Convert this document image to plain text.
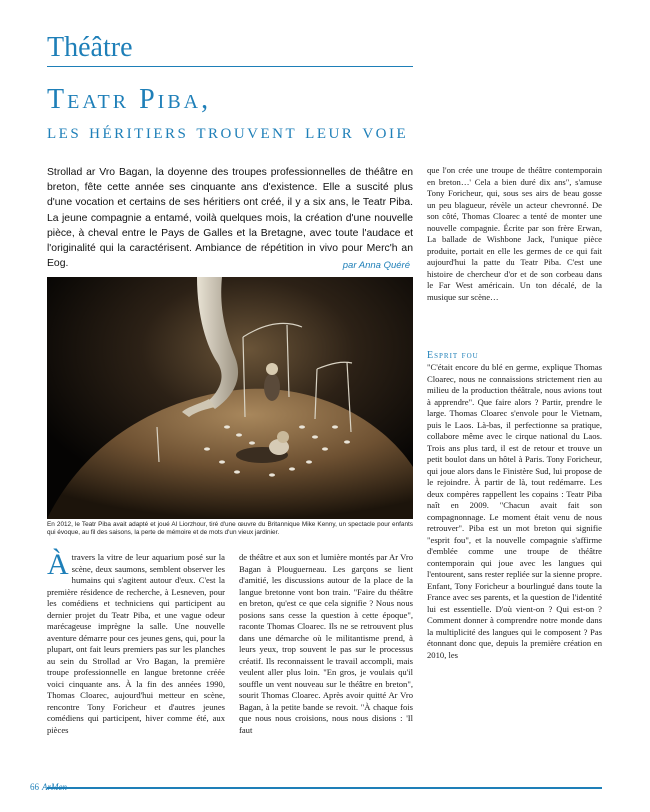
Théâtre
Teatr Piba,
les héritiers trouvent leur voie
Strollad ar Vro Bagan, la doyenne des troupes professionnelles de théâtre en breton, fête cette année ses cinquante ans d'existence. Elle a suscité plus d'une vocation et certains de ses héritiers ont créé, il y a six ans, le Teatr Piba. La jeune compagnie a entamé, voilà quelques mois, la création d'une nouvelle pièce, à cheval entre le Pays de Galles et la Bretagne, avec toute l'audace et l'originalité qui la caractérisent. Ambiance de répétition in vivo pour Merc'h an Eog.	par Anna Quéré
En 2012, le Teatr Piba avait adapté et joué Al Liorzhour, tiré d'une œuvre du Britannique Mike Kenny, un spectacle pour enfants qui évoque, au fil des saisons, la perte de mémoire et de mots d'un vieux jardinier.

Àtravers la vitre de leur aquarium posé sur la scène, deux saumons, semblent observer les humains qui s'agitent autour d'eux. C'est la première résidence de recherche, à Lesneven, pour les comédiens et techniciens qui participent au dernier projet du Teatr Piba, et une vague odeur marécageuse imprègne la salle. Une nouvelle aventure démarre pour ces jeunes gens, qui, pour la plupart, ont fait leurs premiers pas sur les planches au sein du Strollad ar Vro Bagan, la première troupe professionnelle en langue bretonne créée voici cinquante ans. À la fin des années 1990, Thomas Cloarec, aujourd'hui metteur en scène, rencontre Tony Foricheur et d'autres jeunes comédiens qui participent, hiver comme été, aux pièces

de théâtre et aux son et lumière montés par Ar Vro Bagan à Plouguerneau. Les garçons se lient d'amitié, les discussions autour de la place de la langue bretonne vont bon train. "Faire du théâtre en breton, qu'est ce que cela signifie ? Nous nous posions sans cesse la question à cette époque", raconte Thomas Cloarec. Ils ne se retrouvent plus dans une démarche où le militantisme prend, à leurs yeux, trop souvent le pas sur le processus créatif. Ils reconnaissent le travail accompli, mais veulent aller plus loin. "En gros, je voulais qu'il souffle un vent nouveau sur le théâtre en breton", sourit Thomas Cloarec. Après avoir quitté Ar Vro Bagan, à la petite bande se revoit. "À chaque fois que nous nous croisions, nous nous disions : 'Il faut

que l'on crée une troupe de théâtre contemporain en breton…' Cela a bien duré dix ans", s'amuse Tony Foricheur, qui, sous ses airs de beau gosse un peu blagueur, révèle un acteur chevronné. De son côté, Thomas Cloarec a tenté de monter une nouvelle compagnie. Écrite par son frère Erwan, La ballade de Wishbone Jack, l'unique pièce produite, portait en elle les germes de ce qui fait aujourd'hui la patte du Teatr Piba. C'est une histoire de chercheur d'or et de son corbeau dans le Far West américain. Un ton décalé, de la musique sur scène…

Esprit fou

"C'était encore du blé en germe, explique Thomas Cloarec, nous ne connaissions strictement rien au milieu de la production théâtrale, nous avions tout à apprendre". Que faire alors ? Partir, prendre le large. Thomas Cloarec s'envole pour le Vietnam, puis le Laos. Là-bas, il perfectionne sa pratique, collabore même avec le cirque national du Laos. Trois ans plus tard, il est de retour et trouve un petit boulot dans un hôtel à Paris. Tony Foricheur, qui joue alors dans le Finistère Sud, lui propose de le rejoindre. À partir de là, tout redémarre. Les deux compères rappellent les copains : Teatr Piba naît en 2009. "Chacun avait fait son compagnonnage. Le moment était venu de nous retrouver". Piba est un mot breton qui signifie "esprit fou", et la nouvelle compagnie s'affirme d'emblée comme une troupe de théâtre contemporain qui joue avec les langues qui l'entourent, sans rester repliée sur la sienne propre. Enfant, Tony Foricheur a bourlingué dans toute la France avec ses parents, et la question de l'identité lui est essentielle. D'où vient-on ? Qui est-on ? Comment donner à comprendre notre monde dans la multiplicité des langues qui le composent ? Pas étonnant donc que, depuis la première création en 2010, les

66 ArMen
